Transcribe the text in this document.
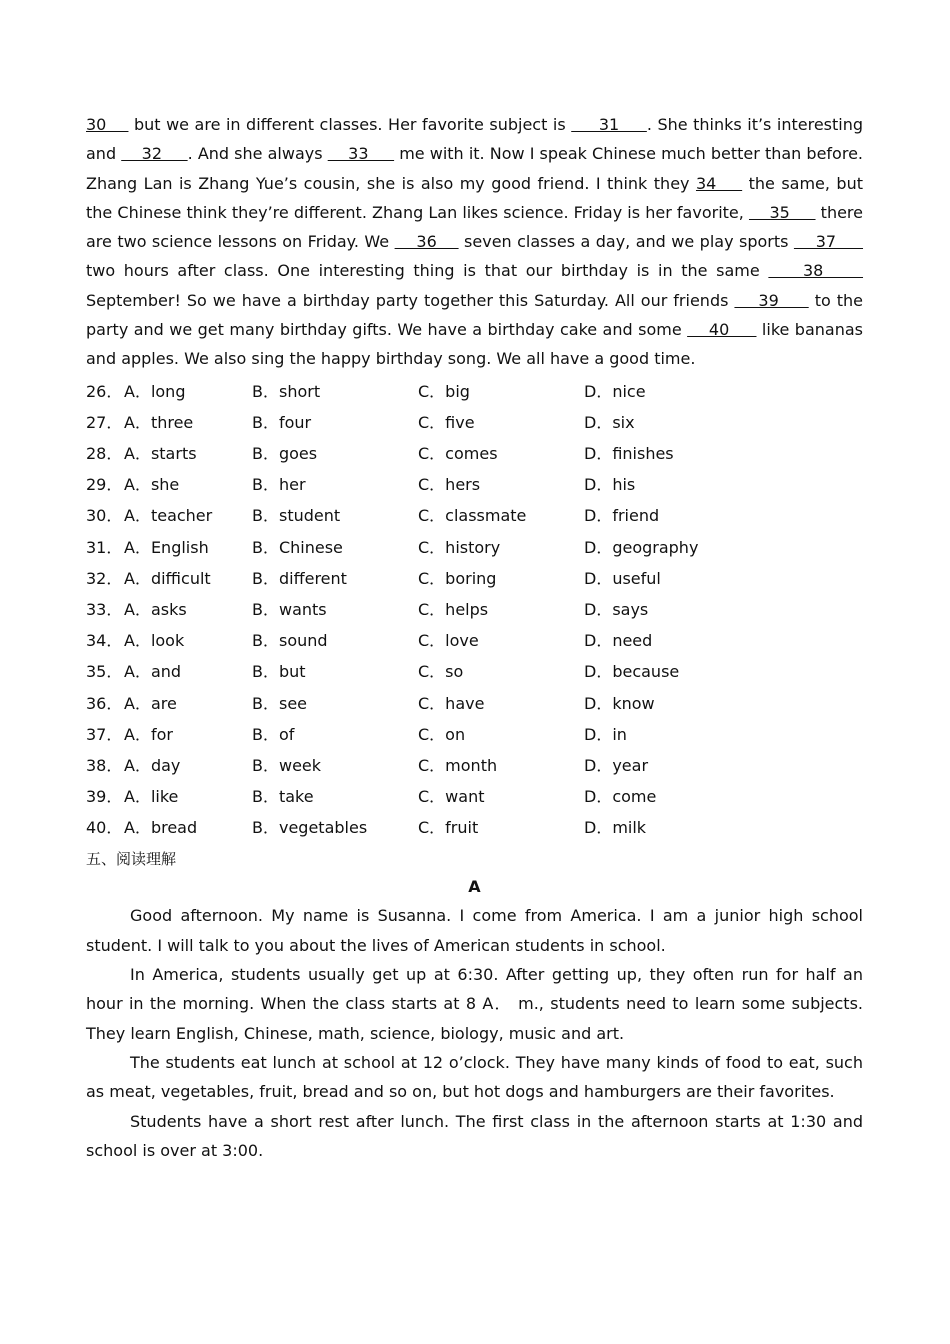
30     but we are in different classes. Her favorite subject is      31     . She thinks it’s interesting and     32     . And she always     33      me with it. Now I speak Chinese much better than before. Zhang Lan is Zhang Yue’s cousin, she is also my good friend. I think they 34     the same, but the Chinese think they’re different. Zhang Lan likes science. Friday is her favorite,     35      there are two science lessons on Friday. We     36     seven classes a day, and we play sports     37      two hours after class. One interesting thing is that our birthday is in the same     38      September! So we have a birthday party together this Saturday. All our friends     39      to the party and we get many birthday gifts. We have a birthday cake and some     40      like bananas and apples. We also sing the happy birthday song. We all have a good time.

26． A．long	B．short	C．big	D．nice
27． A．three	B．four	C．five	D．six
28． A．starts	B．goes	C．comes	D．finishes
29． A．she	B．her	C．hers	D．his
30． A．teacher	B．student	C．classmate	D．friend
31． A．English	B．Chinese	C．history	D．geography
32． A．difficult	B．different	C．boring	D．useful
33． A．asks	B．wants	C．helps	D．says
34． A．look	B．sound	C．love	D．need
35． A．and	B．but	C．so	D．because
36． A．are	B．see	C．have	D．know
37． A．for	B．of	C．on	D．in
38． A．day	B．week	C．month	D．year
39． A．like	B．take	C．want	D．come
40． A．bread	B．vegetables	C．fruit	D．milk
五、阅读理解
A

Good afternoon. My name is Susanna. I come from America. I am a junior high school student. I will talk to you about the lives of American students in school.

In America, students usually get up at 6:30. After getting up, they often run for half an hour in the morning. When the class starts at 8 A． m., students need to learn some subjects. They learn English, Chinese, math, science, biology, music and art.

The students eat lunch at school at 12 o’clock. They have many kinds of food to eat, such as meat, vegetables, fruit, bread and so on, but hot dogs and hamburgers are their favorites.

Students have a short rest after lunch. The first class in the afternoon starts at 1:30 and school is over at 3:00.
